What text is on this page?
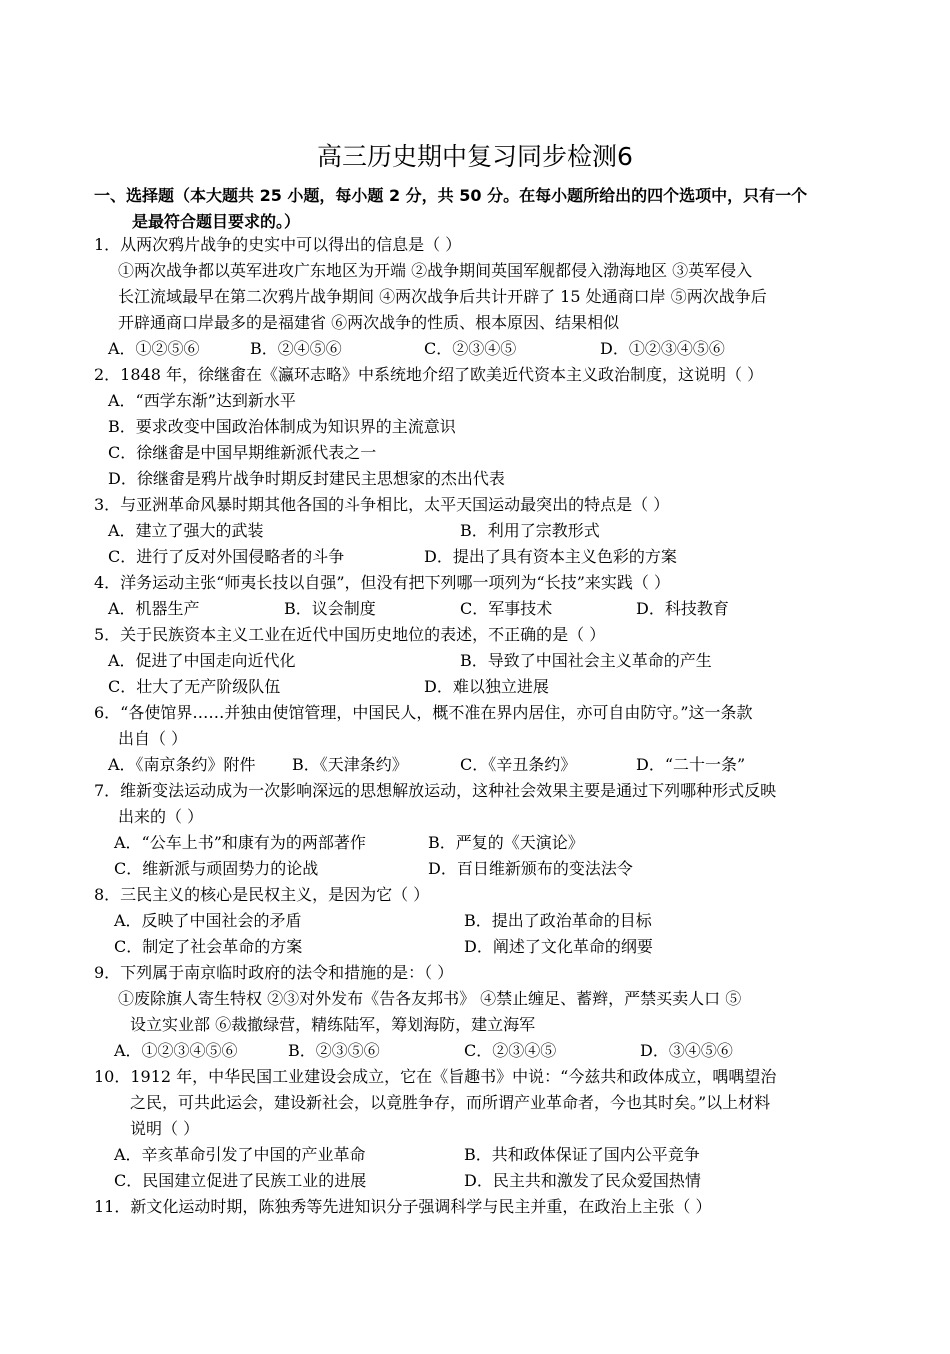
高三历史期中复习同步检测6
一、选择题（本大题共 25 小题，每小题 2 分，共 50 分。在每小题所给出的四个选项中，只有一个
是最符合题目要求的。）
1．从两次鸦片战争的史实中可以得出的信息是（ ）
①两次战争都以英军进攻广东地区为开端 ②战争期间英国军舰都侵入渤海地区 ③英军侵入
长江流域最早在第二次鸦片战争期间 ④两次战争后共计开辟了 15 处通商口岸 ⑤两次战争后
开辟通商口岸最多的是福建省 ⑥两次战争的性质、根本原因、结果相似
A．①②⑤⑥	B．②④⑤⑥	C．②③④⑤	D．①②③④⑤⑥
2．1848 年，徐继畬在《瀛环志略》中系统地介绍了欧美近代资本主义政治制度，这说明（ ）
A．“西学东渐”达到新水平
B．要求改变中国政治体制成为知识界的主流意识
C．徐继畬是中国早期维新派代表之一
D．徐继畬是鸦片战争时期反封建民主思想家的杰出代表
3．与亚洲革命风暴时期其他各国的斗争相比，太平天国运动最突出的特点是（ ）
A．建立了强大的武装	B．利用了宗教形式
C．进行了反对外国侵略者的斗争	D．提出了具有资本主义色彩的方案
4．洋务运动主张“师夷长技以自强”，但没有把下列哪一项列为“长技”来实践（ ）
A．机器生产	B．议会制度	C．军事技术	D．科技教育
5．关于民族资本主义工业在近代中国历史地位的表述，不正确的是（ ）
A．促进了中国走向近代化	B．导致了中国社会主义革命的产生
C．壮大了无产阶级队伍	D．难以独立进展
6．“各使馆界……并独由使馆管理，中国民人，概不准在界内居住，亦可自由防守。”这一条款
出自（ ）
A．《南京条约》附件 B．《天津条约》	C．《辛丑条约》	D．“二十一条”
7．维新变法运动成为一次影响深远的思想解放运动，这种社会效果主要是通过下列哪种形式反映
出来的（ ）
A．“公车上书”和康有为的两部著作	B．严复的《天演论》
C．维新派与顽固势力的论战	D．百日维新颁布的变法法令
8．三民主义的核心是民权主义，是因为它（ ）
A．反映了中国社会的矛盾	B．提出了政治革命的目标
C．制定了社会革命的方案	D．阐述了文化革命的纲要
9．下列属于南京临时政府的法令和措施的是：（ ）
①废除旗人寄生特权 ②③对外发布《告各友邦书》 ④禁止缠足、蓄辫，严禁买卖人口 ⑤
设立实业部 ⑥裁撤绿营，精练陆军，筹划海防，建立海军
A．①②③④⑤⑥	B．②③⑤⑥	C．②③④⑤	D．③④⑤⑥
10．1912 年，中华民国工业建设会成立，它在《旨趣书》中说：“今兹共和政体成立，喁喁望治
之民，可共此运会，建设新社会，以竟胜争存，而所谓产业革命者，今也其时矣。”以上材料
说明（ ）
A．辛亥革命引发了中国的产业革命	B．共和政体保证了国内公平竞争
C．民国建立促进了民族工业的进展	D．民主共和激发了民众爱国热情
11．新文化运动时期，陈独秀等先进知识分子强调科学与民主并重，在政治上主张（ ）
